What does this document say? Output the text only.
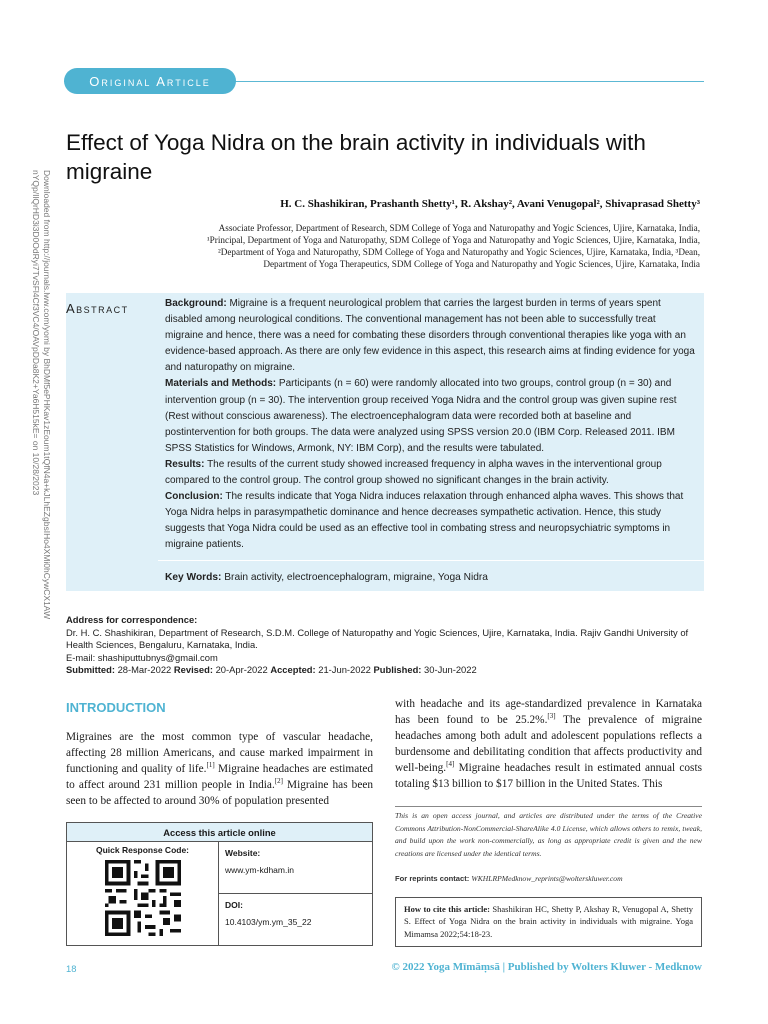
Original Article
Downloaded from http://journals.lww.com/yomi by BhDMf5ePHKav1zEoum1tQfN4a+kJLhEZgbsIHo4XMi0hCywCX1AW
nYQp/IlQrHD3i3D0OdRyi7TvSFl4Cf3VC4/OAVpDDa8K2+Ya6H515kE= on 10/28/2023
Effect of Yoga Nidra on the brain activity in individuals with migraine
H. C. Shashikiran, Prashanth Shetty¹, R. Akshay², Avani Venugopal², Shivaprasad Shetty³
Associate Professor, Department of Research, SDM College of Yoga and Naturopathy and Yogic Sciences, Ujire, Karnataka, India,
¹Principal, Department of Yoga and Naturopathy, SDM College of Yoga and Naturopathy and Yogic Sciences, Ujire, Karnataka, India,
²Department of Yoga and Naturopathy, SDM College of Yoga and Naturopathy and Yogic Sciences, Ujire, Karnataka, India, ³Dean,
Department of Yoga Therapeutics, SDM College of Yoga and Naturopathy and Yogic Sciences, Ujire, Karnataka, India
Abstract	Background: Migraine is a frequent neurological problem that carries the largest burden in terms of years spent disabled among neurological conditions. The conventional management has not been able to successfully treat migraine and hence, there was a need for combating these disorders through conventional therapies like yoga with an evidence-based approach. As there are only few evidence in this aspect, this research aims at finding evidence for yoga and naturopathy on migraine.

Materials and Methods: Participants (n = 60) were randomly allocated into two groups, control group (n = 30) and intervention group (n = 30). The intervention group received Yoga Nidra and the control group was given supine rest (Rest without conscious awareness). The electroencephalogram data were recorded both at baseline and postintervention for both groups. The data were analyzed using SPSS version 20.0 (IBM Corp. Released 2011. IBM SPSS Statistics for Windows, Armonk, NY: IBM Corp), and the results were tabulated.

Results: The results of the current study showed increased frequency in alpha waves in the interventional group compared to the control group. The control group showed no significant changes in the brain activity.

Conclusion: The results indicate that Yoga Nidra induces relaxation through enhanced alpha waves. This shows that Yoga Nidra helps in parasympathetic dominance and hence decreases sympathetic activation. Hence, this study suggests that Yoga Nidra could be used as an effective tool in combating stress and neuropsychiatric symptoms in migraine patients.

Key Words: Brain activity, electroencephalogram, migraine, Yoga Nidra
Address for correspondence:
Dr. H. C. Shashikiran, Department of Research, S.D.M. College of Naturopathy and Yogic Sciences, Ujire, Karnataka, India. Rajiv Gandhi University of Health Sciences, Bengaluru, Karnataka, India.
E-mail: shashiputtubnys@gmail.com
Submitted: 28-Mar-2022 Revised: 20-Apr-2022 Accepted: 21-Jun-2022 Published: 30-Jun-2022
INTRODUCTION
Migraines are the most common type of vascular headache, affecting 28 million Americans, and cause marked impairment in functioning and quality of life.[1] Migraine headaches are estimated to affect around 231 million people in India.[2] Migraine has been seen to be affected to around 30% of population presented
with headache and its age-standardized prevalence in Karnataka has been found to be 25.2%.[3] The prevalence of migraine headaches among both adult and adolescent populations reflects a burdensome and debilitating condition that affects productivity and well-being.[4] Migraine headaches result in estimated annual costs totaling $13 billion to $17 billion in the United States. This
Access this article online
Quick Response Code:	Website:
www.ym-kdham.in
DOI:
10.4103/ym.ym_35_22
This is an open access journal, and articles are distributed under the terms of the Creative Commons Attribution-NonCommercial-ShareAlike 4.0 License, which allows others to remix, tweak, and build upon the work non-commercially, as long as appropriate credit is given and the new creations are licensed under the identical terms.
For reprints contact: WKHLRPMedknow_reprints@wolterskluwer.com
How to cite this article: Shashikiran HC, Shetty P, Akshay R, Venugopal A, Shetty S. Effect of Yoga Nidra on the brain activity in individuals with migraine. Yoga Mimamsa 2022;54:18-23.
18	© 2022 Yoga Mīmāṃsā | Published by Wolters Kluwer - Medknow
